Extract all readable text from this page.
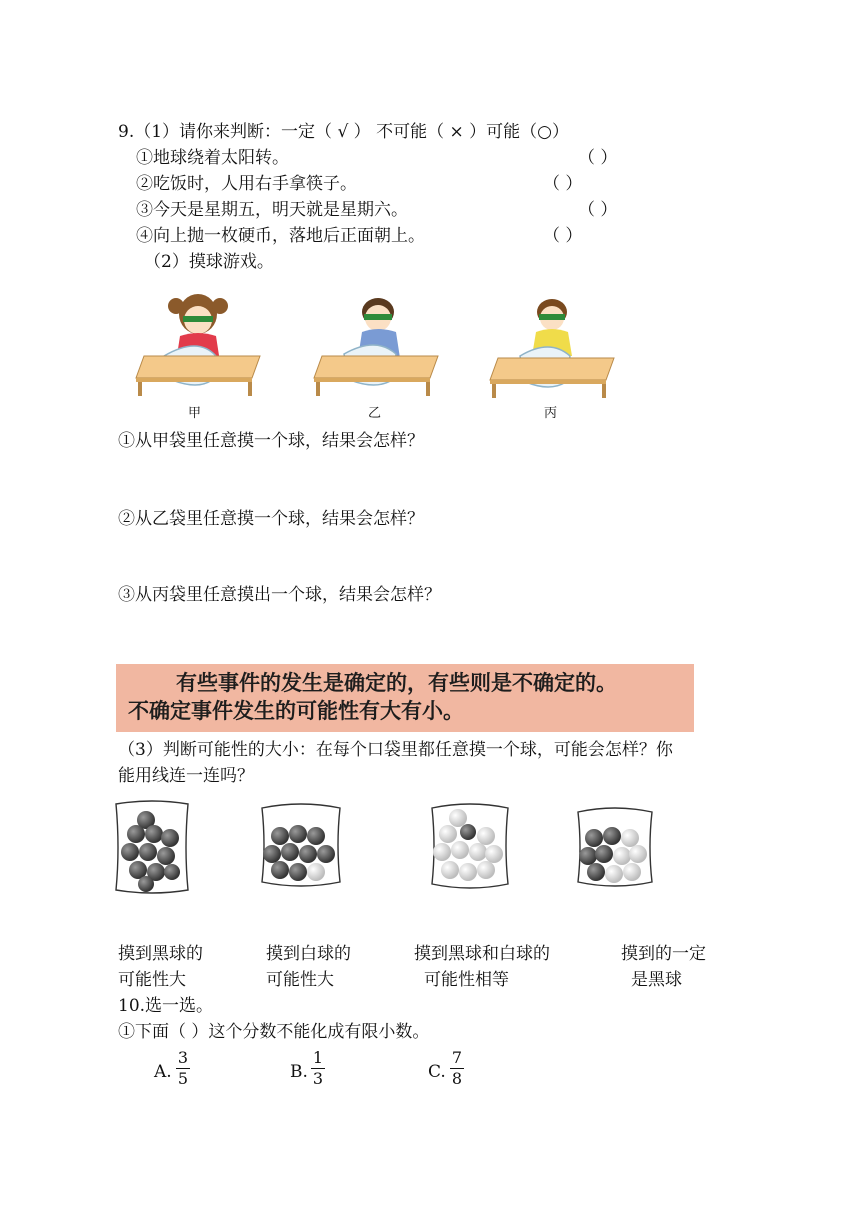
9.（1）请你来判断：一定（ √ ） 不可能（ × ）可能（○）
①地球绕着太阳转。	（ ）
②吃饭时，人用右手拿筷子。	（ ）
③今天是星期五，明天就是星期六。	（ ）
④向上抛一枚硬币，落地后正面朝上。	（ ）
（2）摸球游戏。
甲	乙	丙
①从甲袋里任意摸一个球，结果会怎样？
②从乙袋里任意摸一个球，结果会怎样？
③从丙袋里任意摸出一个球，结果会怎样？
有些事件的发生是确定的，有些则是不确定的。
不确定事件发生的可能性有大有小。
（3）判断可能性的大小：在每个口袋里都任意摸一个球，可能会怎样？你
能用线连一连吗？
摸到黑球的
可能性大
摸到白球的
可能性大
摸到黑球和白球的
可能性相等
摸到的一定
是黑球
10.选一选。
①下面（ ）这个分数不能化成有限小数。
A.
3
5	B.
1
3	C.
7
8
